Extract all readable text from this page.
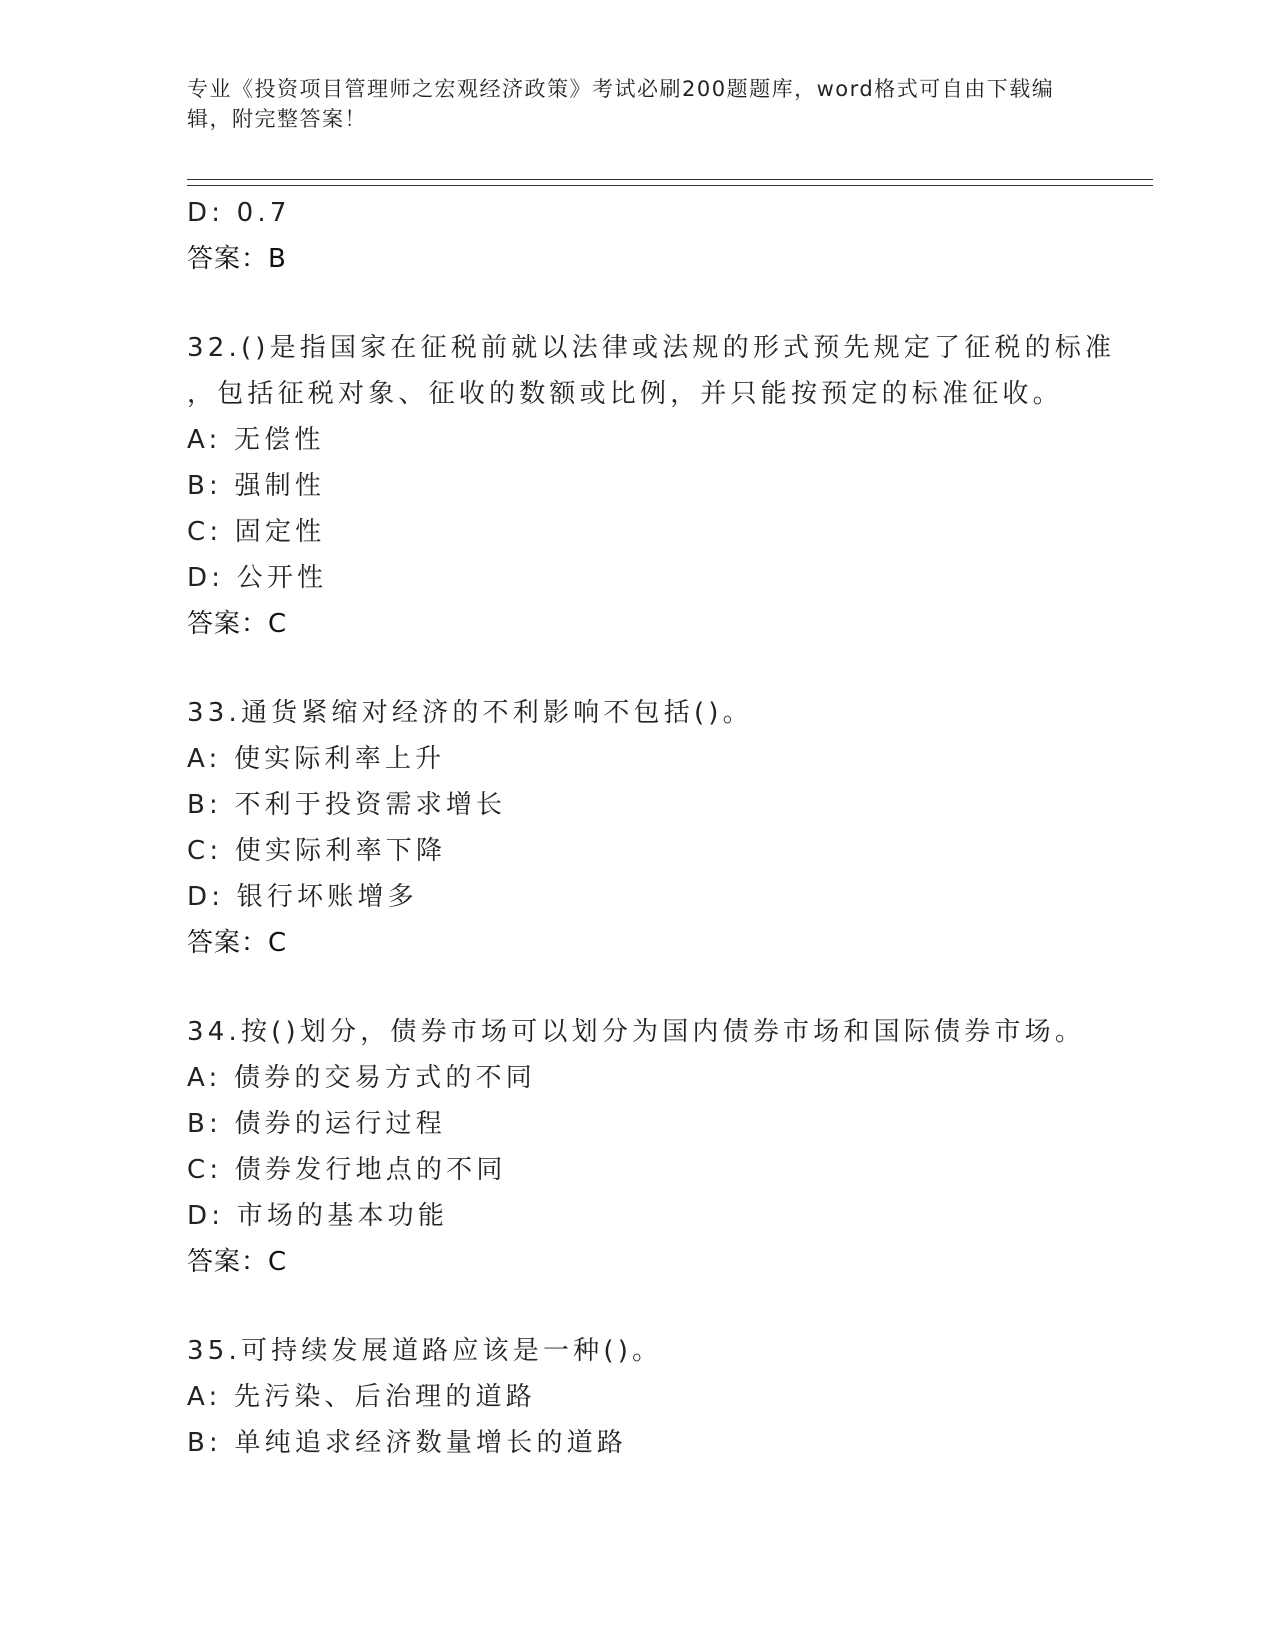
专业《投资项目管理师之宏观经济政策》考试必刷200题题库，word格式可自由下载编辑，附完整答案！
D: 0.7
答案：B
32.()是指国家在征税前就以法律或法规的形式预先规定了征税的标准
，包括征税对象、征收的数额或比例，并只能按预定的标准征收。
A: 无偿性
B: 强制性
C: 固定性
D: 公开性
答案：C
33.通货紧缩对经济的不利影响不包括()。
A: 使实际利率上升
B: 不利于投资需求增长
C: 使实际利率下降
D: 银行坏账增多
答案：C
34.按()划分，债券市场可以划分为国内债券市场和国际债券市场。
A: 债券的交易方式的不同
B: 债券的运行过程
C: 债券发行地点的不同
D: 市场的基本功能
答案：C
35.可持续发展道路应该是一种()。
A: 先污染、后治理的道路
B: 单纯追求经济数量增长的道路
